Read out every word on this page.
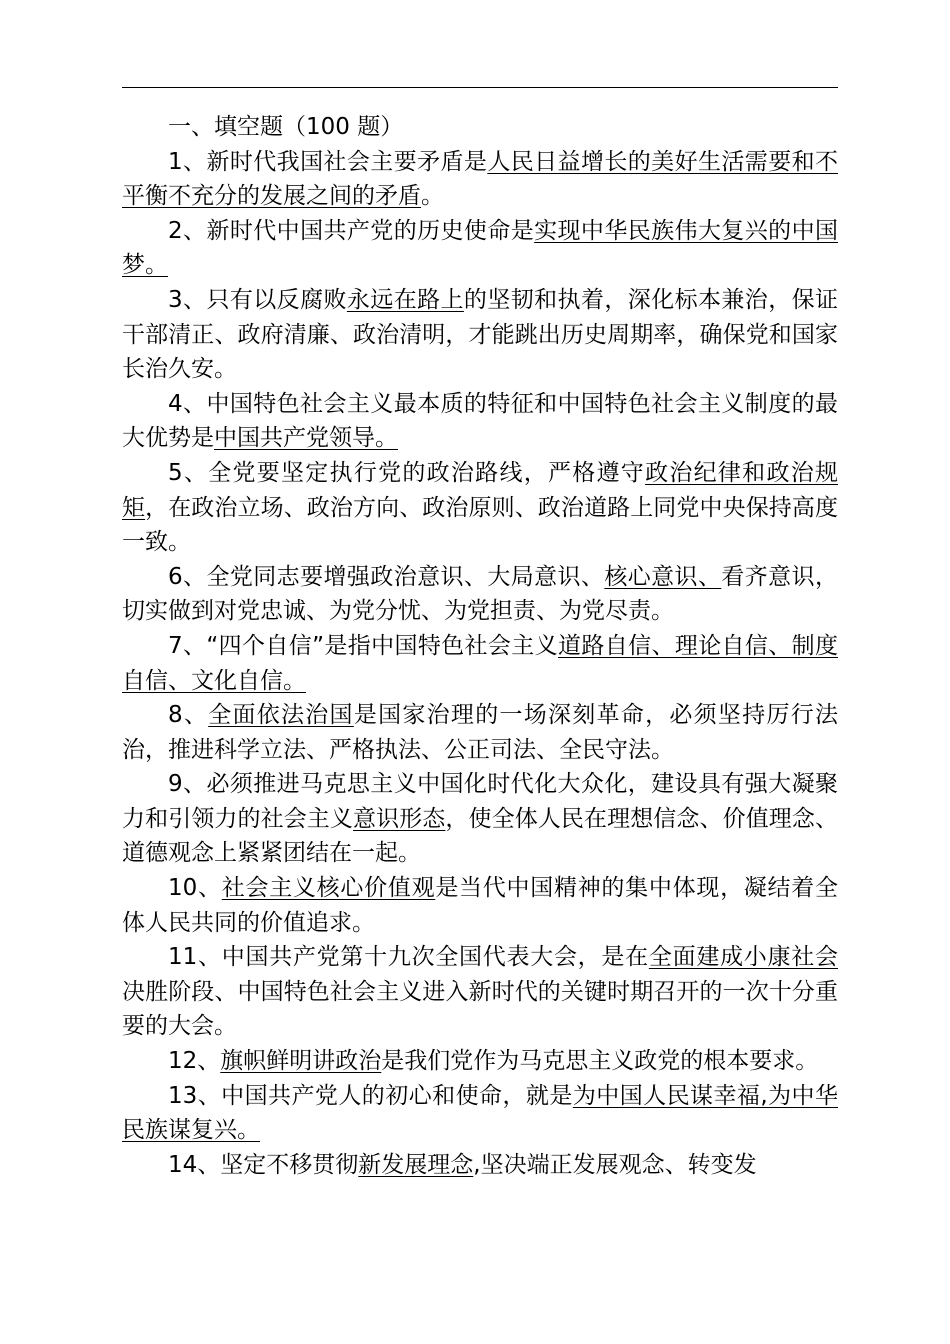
一、填空题（100 题）

1、新时代我国社会主要矛盾是人民日益增长的美好生活需要和不平衡不充分的发展之间的矛盾。

2、新时代中国共产党的历史使命是实现中华民族伟大复兴的中国梦。

3、只有以反腐败永远在路上的坚韧和执着，深化标本兼治，保证干部清正、政府清廉、政治清明，才能跳出历史周期率，确保党和国家长治久安。

4、中国特色社会主义最本质的特征和中国特色社会主义制度的最大优势是中国共产党领导。

5、全党要坚定执行党的政治路线，严格遵守政治纪律和政治规矩，在政治立场、政治方向、政治原则、政治道路上同党中央保持高度一致。

6、全党同志要增强政治意识、大局意识、核心意识、看齐意识，切实做到对党忠诚、为党分忧、为党担责、为党尽责。

7、“四个自信”是指中国特色社会主义道路自信、理论自信、制度自信、文化自信。

8、全面依法治国是国家治理的一场深刻革命，必须坚持厉行法治，推进科学立法、严格执法、公正司法、全民守法。

9、必须推进马克思主义中国化时代化大众化，建设具有强大凝聚力和引领力的社会主义意识形态，使全体人民在理想信念、价值理念、道德观念上紧紧团结在一起。

10、社会主义核心价值观是当代中国精神的集中体现，凝结着全体人民共同的价值追求。

11、中国共产党第十九次全国代表大会，是在全面建成小康社会决胜阶段、中国特色社会主义进入新时代的关键时期召开的一次十分重要的大会。

12、旗帜鲜明讲政治是我们党作为马克思主义政党的根本要求。

13、中国共产党人的初心和使命，就是为中国人民谋幸福,为中华民族谋复兴。

14、坚定不移贯彻新发展理念,坚决端正发展观念、转变发
